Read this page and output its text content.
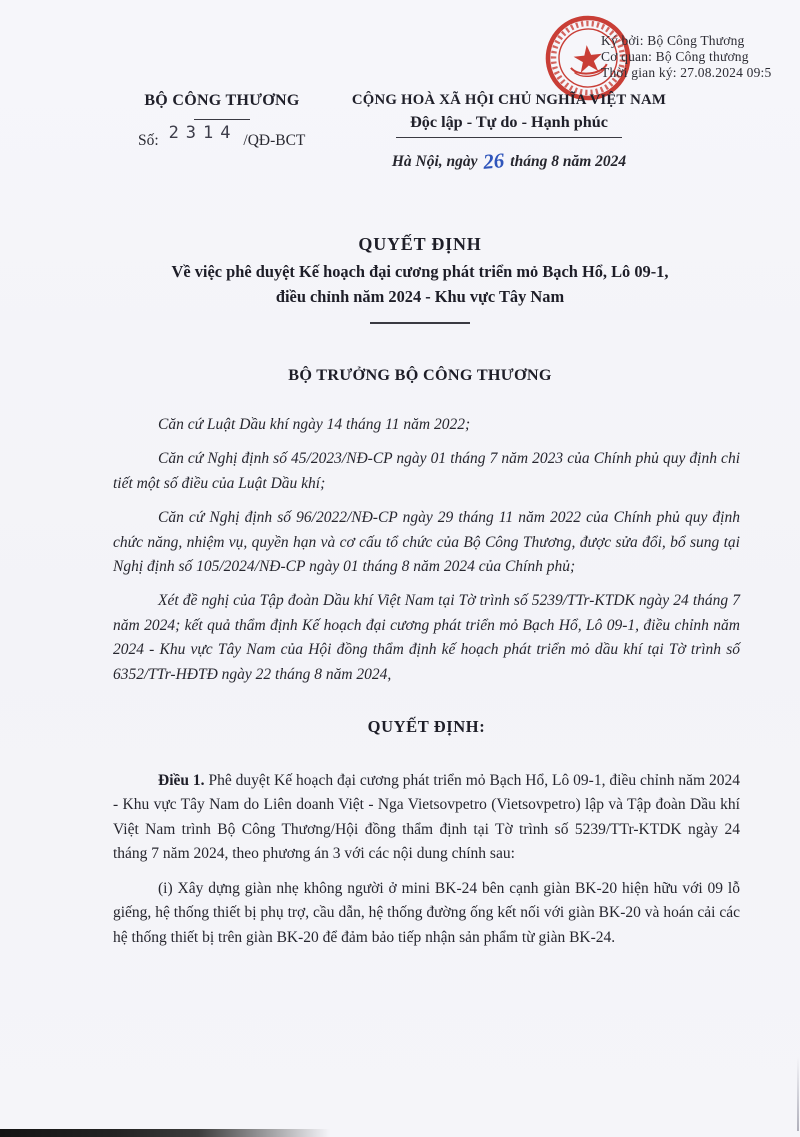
Ký bởi: Bộ Công Thương
Cơ quan: Bộ Công thương
Thời gian ký: 27.08.2024 09:5
BỘ CÔNG THƯƠNG
Số: 2314 /QĐ-BCT
CỘNG HOÀ XÃ HỘI CHỦ NGHĨA VIỆT NAM
Độc lập - Tự do - Hạnh phúc
Hà Nội, ngày 26 tháng 8 năm 2024
QUYẾT ĐỊNH
Về việc phê duyệt Kế hoạch đại cương phát triển mỏ Bạch Hổ, Lô 09-1,
điều chỉnh năm 2024 - Khu vực Tây Nam
BỘ TRƯỞNG BỘ CÔNG THƯƠNG

Căn cứ Luật Dầu khí ngày 14 tháng 11 năm 2022;

Căn cứ Nghị định số 45/2023/NĐ-CP ngày 01 tháng 7 năm 2023 của Chính phủ quy định chi tiết một số điều của Luật Dầu khí;

Căn cứ Nghị định số 96/2022/NĐ-CP ngày 29 tháng 11 năm 2022 của Chính phủ quy định chức năng, nhiệm vụ, quyền hạn và cơ cấu tổ chức của Bộ Công Thương, được sửa đổi, bổ sung tại Nghị định số 105/2024/NĐ-CP ngày 01 tháng 8 năm 2024 của Chính phủ;

Xét đề nghị của Tập đoàn Dầu khí Việt Nam tại Tờ trình số 5239/TTr-KTDK ngày 24 tháng 7 năm 2024; kết quả thẩm định Kế hoạch đại cương phát triển mỏ Bạch Hổ, Lô 09-1, điều chỉnh năm 2024 - Khu vực Tây Nam của Hội đồng thẩm định kế hoạch phát triển mỏ dầu khí tại Tờ trình số 6352/TTr-HĐTĐ ngày 22 tháng 8 năm 2024,

QUYẾT ĐỊNH:

Điều 1. Phê duyệt Kế hoạch đại cương phát triển mỏ Bạch Hổ, Lô 09-1, điều chỉnh năm 2024 - Khu vực Tây Nam do Liên doanh Việt - Nga Vietsovpetro (Vietsovpetro) lập và Tập đoàn Dầu khí Việt Nam trình Bộ Công Thương/Hội đồng thẩm định tại Tờ trình số 5239/TTr-KTDK ngày 24 tháng 7 năm 2024, theo phương án 3 với các nội dung chính sau:

(i) Xây dựng giàn nhẹ không người ở mini BK-24 bên cạnh giàn BK-20 hiện hữu với 09 lỗ giếng, hệ thống thiết bị phụ trợ, cầu dẫn, hệ thống đường ống kết nối với giàn BK-20 và hoán cải các hệ thống thiết bị trên giàn BK-20 để đảm bảo tiếp nhận sản phẩm từ giàn BK-24.
